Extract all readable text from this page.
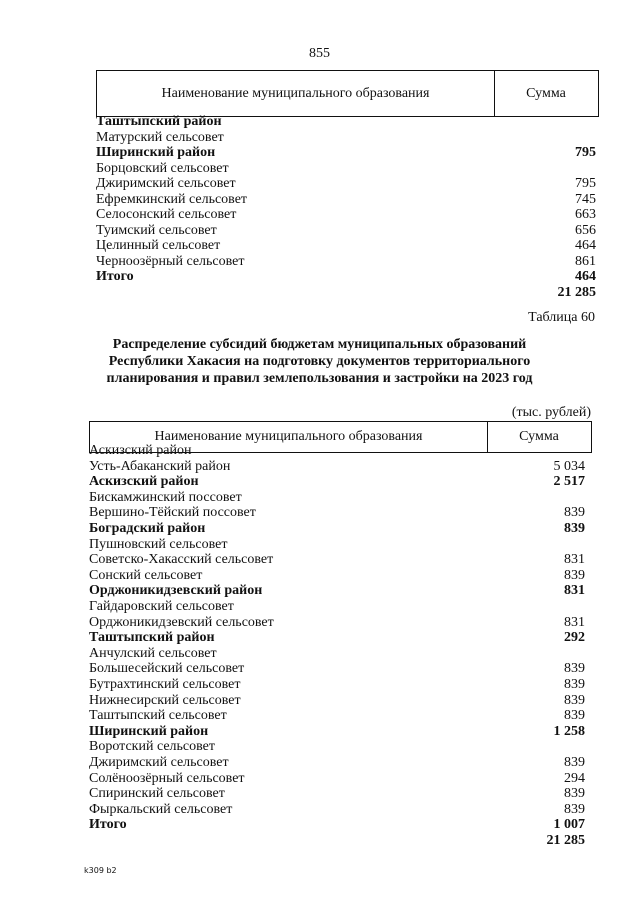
855
Наименование муниципального образования	Сумма
Таштыпский район
Матурский сельсовет
Ширинский район	795
Борцовский сельсовет
Джиримский сельсовет	795
Ефремкинский сельсовет	745
Селосонский сельсовет	663
Туимский сельсовет	656
Целинный сельсовет	464
Черноозёрный сельсовет	861
Итого	464
21 285
Таблица 60
Распределение субсидий бюджетам муниципальных образований
Республики Хакасия на подготовку документов территориального
планирования и правил землепользования и застройки на 2023 год
(тыс. рублей)
Наименование муниципального образования	Сумма
Аскизский район
Усть-Абаканский район	5 034
Аскизский район	2 517
Бискамжинский поссовет
Вершино-Тёйский поссовет	839
Боградский район	839
Пушновский сельсовет
Советско-Хакасский сельсовет	831
Сонский сельсовет	839
Орджоникидзевский район	831
Гайдаровский сельсовет
Орджоникидзевский сельсовет	831
Таштыпский район	292
Анчулский сельсовет
Большесейский сельсовет	839
Бутрахтинский сельсовет	839
Нижнесирский сельсовет	839
Таштыпский сельсовет	839
Ширинский район	1 258
Воротский сельсовет
Джиримский сельсовет	839
Солёноозёрный сельсовет	294
Спиринский сельсовет	839
Фыркальский сельсовет	839
Итого	1 007
21 285
k309 b2
